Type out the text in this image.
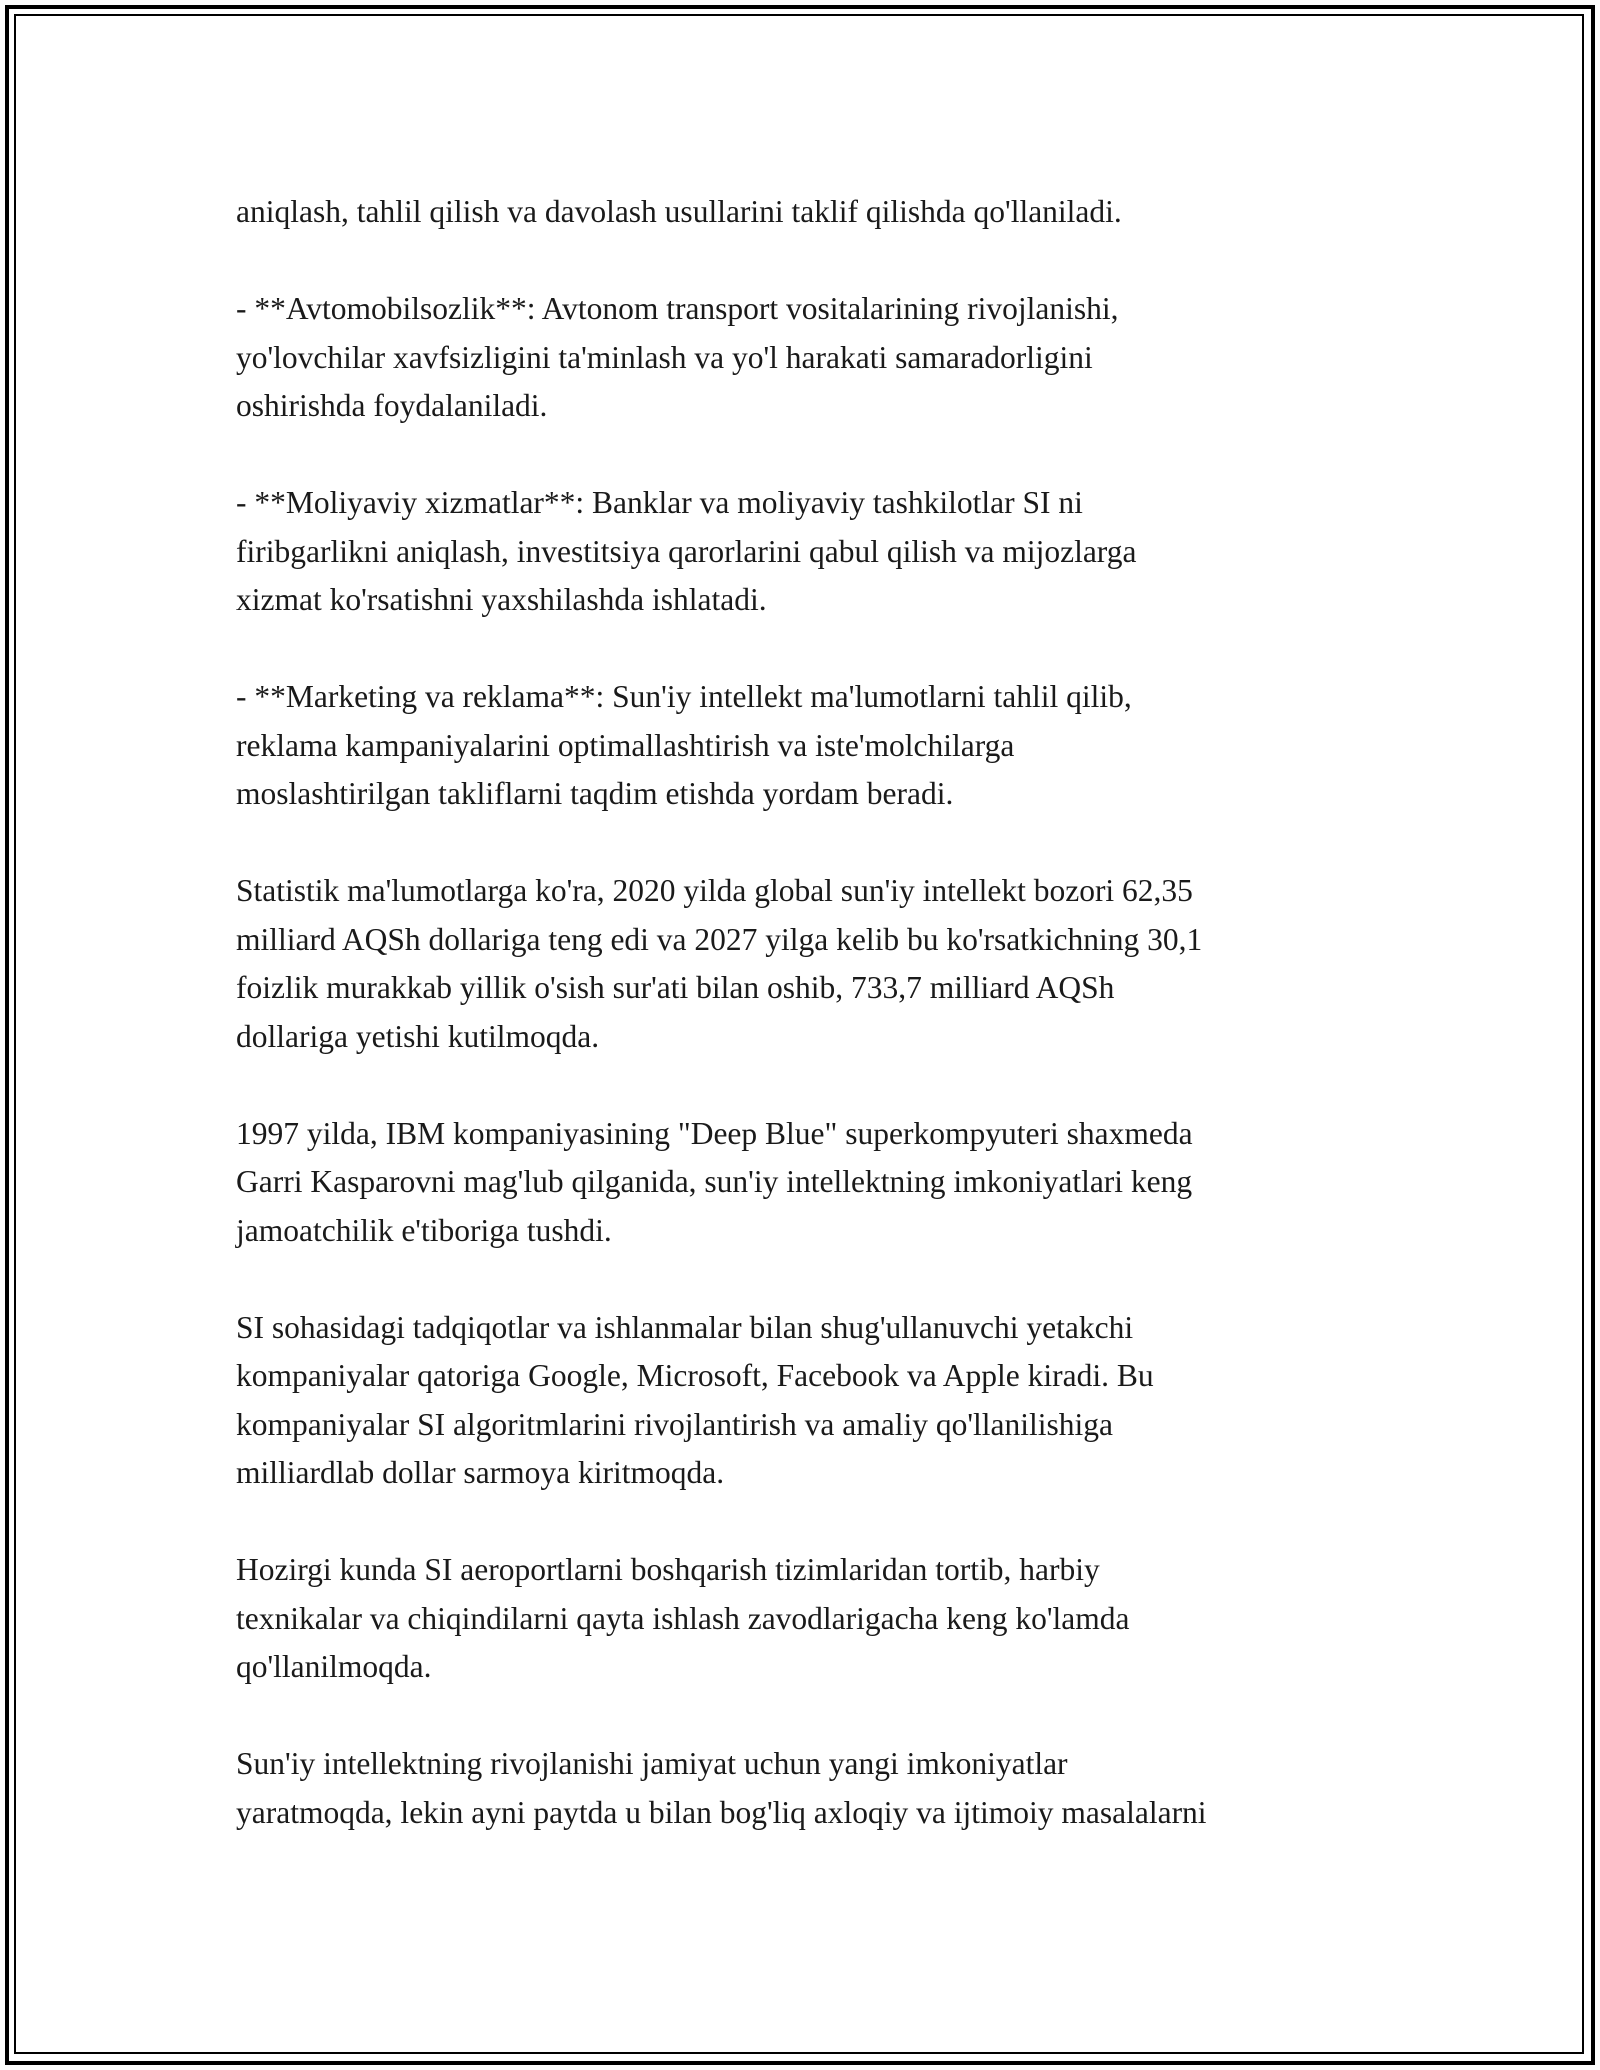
aniqlash, tahlil qilish va davolash usullarini taklif qilishda qo'llaniladi.

- **Avtomobilsozlik**: Avtonom transport vositalarining rivojlanishi,
yo'lovchilar xavfsizligini ta'minlash va yo'l harakati samaradorligini
oshirishda foydalaniladi.

- **Moliyaviy xizmatlar**: Banklar va moliyaviy tashkilotlar SI ni
firibgarlikni aniqlash, investitsiya qarorlarini qabul qilish va mijozlarga
xizmat ko'rsatishni yaxshilashda ishlatadi.

- **Marketing va reklama**: Sun'iy intellekt ma'lumotlarni tahlil qilib,
reklama kampaniyalarini optimallashtirish va iste'molchilarga
moslashtirilgan takliflarni taqdim etishda yordam beradi.

Statistik ma'lumotlarga ko'ra, 2020 yilda global sun'iy intellekt bozori 62,35
milliard AQSh dollariga teng edi va 2027 yilga kelib bu ko'rsatkichning 30,1
foizlik murakkab yillik o'sish sur'ati bilan oshib, 733,7 milliard AQSh
dollariga yetishi kutilmoqda.

1997 yilda, IBM kompaniyasining "Deep Blue" superkompyuteri shaxmeda
Garri Kasparovni mag'lub qilganida, sun'iy intellektning imkoniyatlari keng
jamoatchilik e'tiboriga tushdi.

SI sohasidagi tadqiqotlar va ishlanmalar bilan shug'ullanuvchi yetakchi
kompaniyalar qatoriga Google, Microsoft, Facebook va Apple kiradi. Bu
kompaniyalar SI algoritmlarini rivojlantirish va amaliy qo'llanilishiga
milliardlab dollar sarmoya kiritmoqda.

Hozirgi kunda SI aeroportlarni boshqarish tizimlaridan tortib, harbiy
texnikalar va chiqindilarni qayta ishlash zavodlarigacha keng ko'lamda
qo'llanilmoqda.

Sun'iy intellektning rivojlanishi jamiyat uchun yangi imkoniyatlar
yaratmoqda, lekin ayni paytda u bilan bog'liq axloqiy va ijtimoiy masalalarni
